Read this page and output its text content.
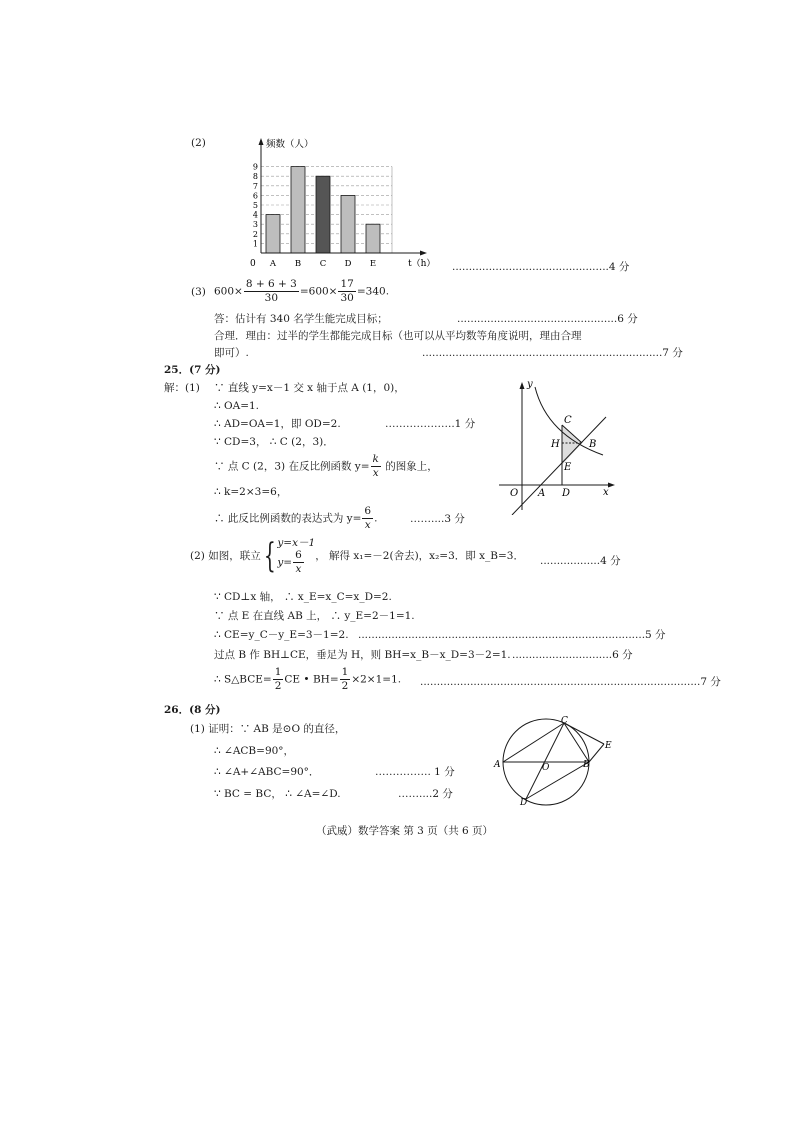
(2)
1
2
3
4
5
6
7
8
9
A B C D E
频数（人）
0	t（h） ...............................................4 分
(3) $600\times \frac{8 + 6 + 3}{30} =600\times \frac{17}{30} =340$.
答：估计有 340 名学生能完成目标；	................................................6 分
合理．理由：过半的学生都能完成目标（也可以从平均数等角度说明，理由合理
即可）.	........................................................................7 分
25．(7 分)
解：(1) ∵ 直线 y=x－1 交 x 轴于点 A (1，0)，
∴ OA=1.
∴ AD=OA=1，即 OD=2.	………………..1 分
∵ CD=3， ∴ C (2，3)．
∵ 点 C (2，3) 在反比例函数 $y= \frac{k}{x}$ 的图象上，
∴ k=2×3=6，
∴ 此反比例函数的表达式为 $y= \frac{6}{x}$ .	……....3 分
y
x
O A D
C
H	B
E
(2) 如图，联立{ y=x－1
$y= \frac{6}{x}$ ， 解得 x₁=－2(舍去)，x₂=3．即 x_B=3． ..................4 分
∵ CD⊥x 轴， ∴ x_E=x_C=x_D=2.
∵ 点 E 在直线 AB 上， ∴ y_E=2－1=1.
∴ CE=y_C－y_E=3－1=2. ......................................................................................5 分
过点 B 作 BH⊥CE，垂足为 H，则 BH=x_B－x_D=3－2=1. ..............................6 分
∴ S△BCE= $\frac{1}{2}$ CE • $BH= \frac{1}{2} \times 2\times 1=1$. ....................................................................................7 分
26．(8 分)
(1) 证明：∵ AB 是⊙O 的直径，
∴ ∠ACB=90°，
∴ ∠A+∠ABC=90°．	……………. 1 分
∵ BC = BC， ∴ ∠A=∠D.	……....2 分
C
E
A	O	B
D
（武威）数学答案 第 3 页（共 6 页）
